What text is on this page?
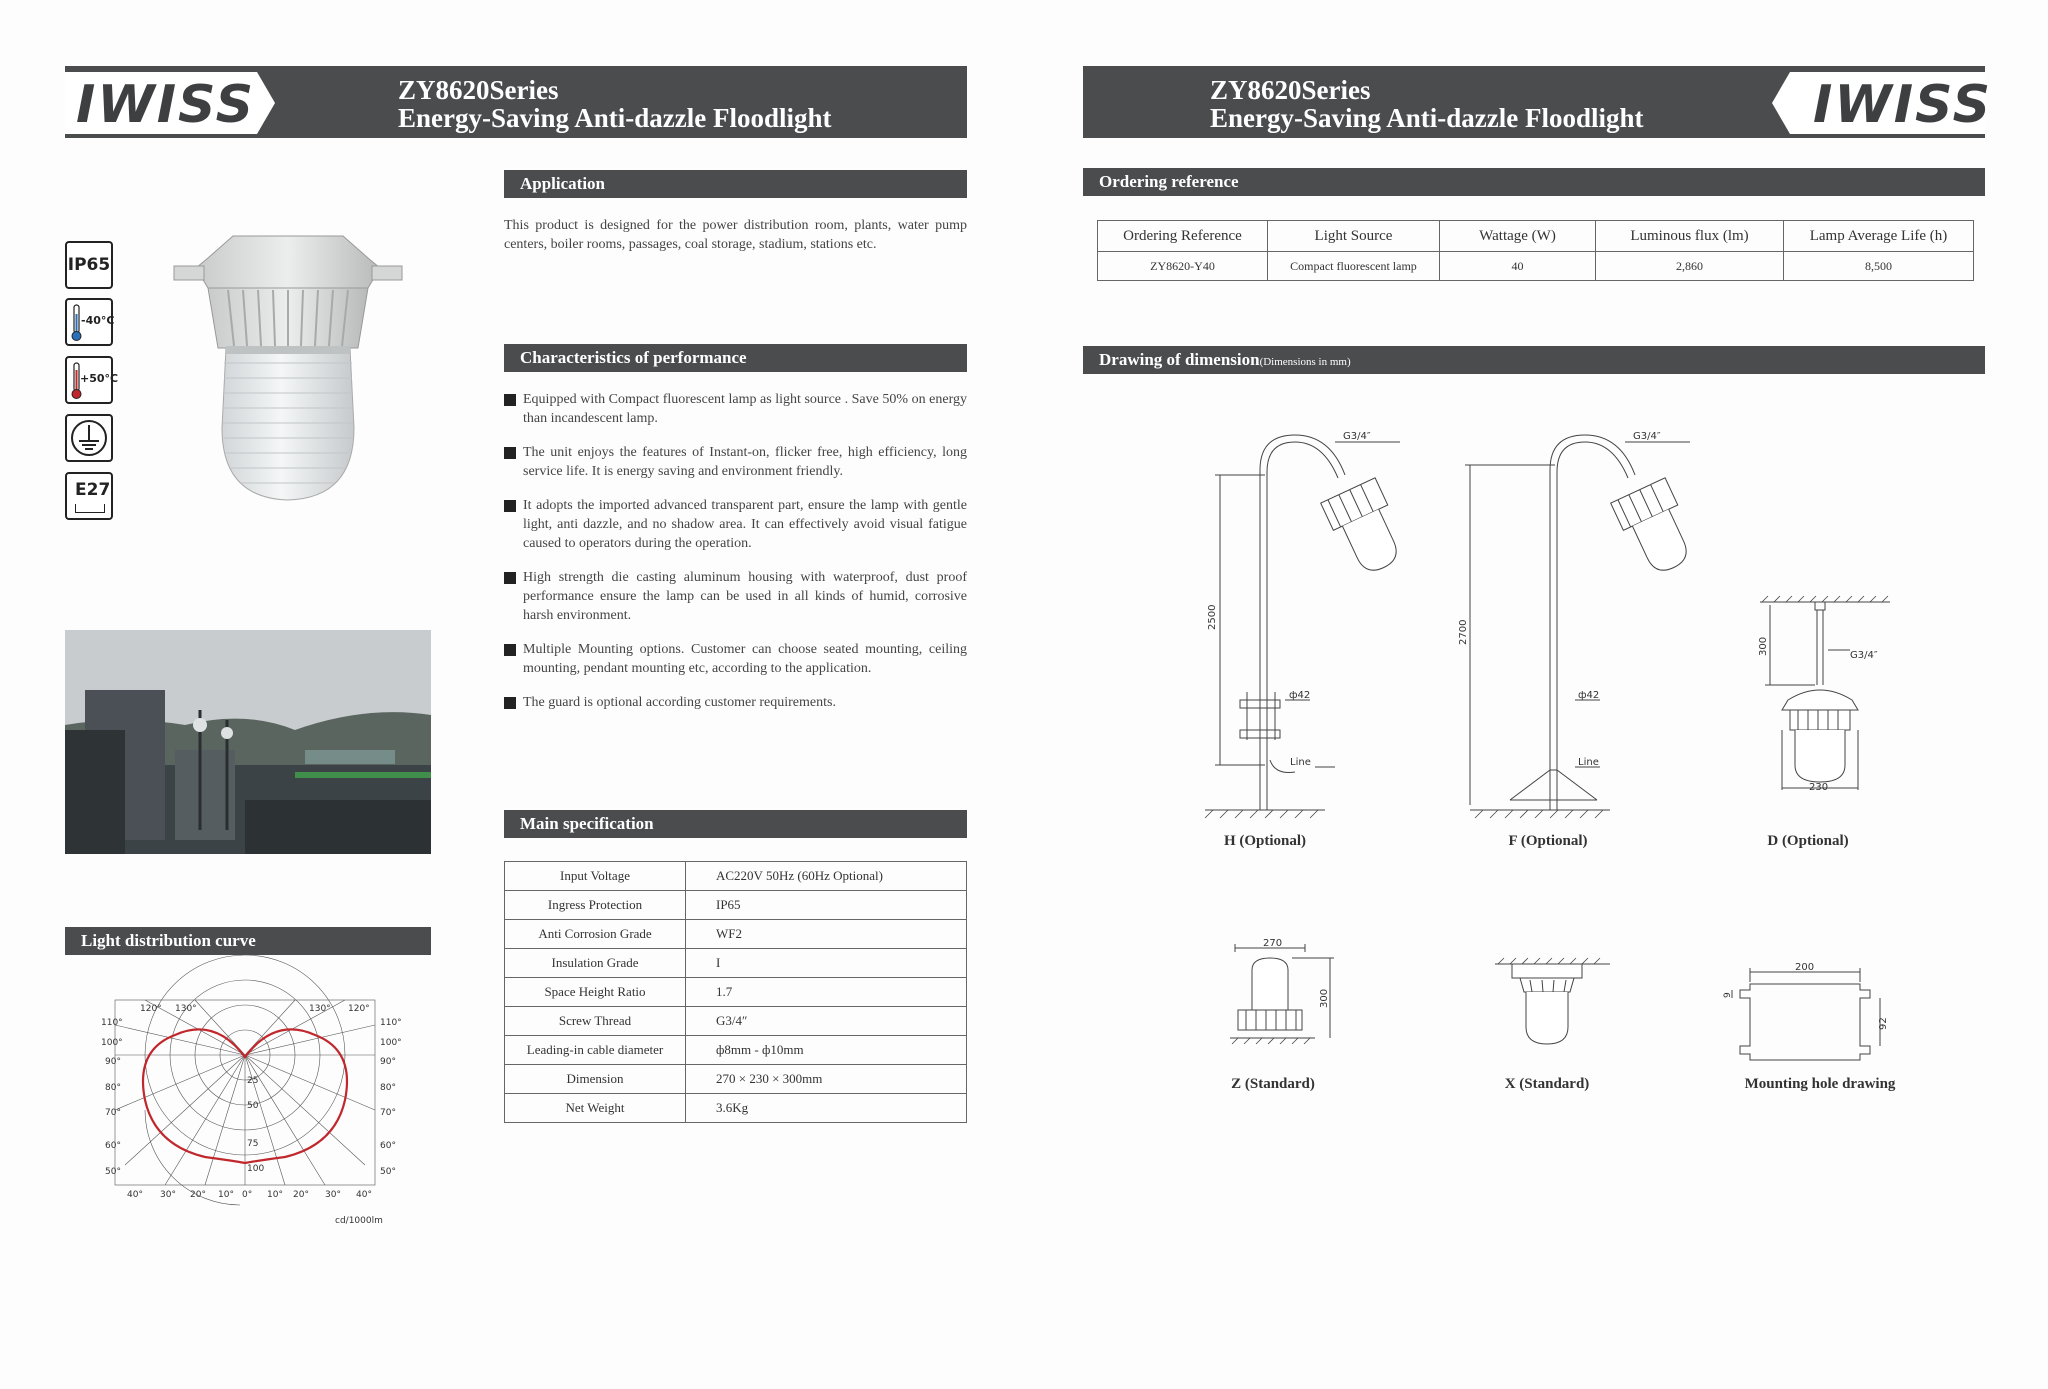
ZY8620Series
Energy-Saving Anti-dazzle Floodlight
IWISS	ZY8620Series
Energy-Saving Anti-dazzle Floodlight	IWISS
IP65
-40°C
+50°C
E27
Light distribution curve
120° 130°	130° 120°
110°	110°
100°	100°
90°	90°
80°	80°
70°	70°
60°	60°
50°	50°
25
50
75
100
40° 30° 20° 10° 0° 10° 20° 30° 40°
cd/1000lm
Application
This product is designed for the power distribution room, plants, water pump centers, boiler rooms, passages, coal storage, stadium, stations etc.
Characteristics of performance
Equipped with Compact fluorescent lamp as light source . Save 50% on energy than incandescent lamp.
The unit enjoys the features of Instant-on, flicker free, high efficiency, long service life. It is energy saving and environment friendly.
It adopts the imported advanced transparent part, ensure the lamp with gentle light, anti dazzle, and no shadow area. It can effectively avoid visual fatigue caused to operators during the operation.
High strength die casting aluminum housing with waterproof, dust proof performance ensure the lamp can be used in all kinds of humid, corrosive harsh environment.
Multiple Mounting options. Customer can choose seated mounting, ceiling mounting, pendant mounting etc, according to the application.
The guard is optional according customer requirements.
Main specification
Input Voltage	AC220V 50Hz (60Hz Optional)
Ingress Protection	IP65
Anti Corrosion Grade	WF2
Insulation Grade	I
Space Height Ratio	1.7
Screw Thread	G3/4″
Leading-in cable diameter	ф8mm - ф10mm
Dimension	270 × 230 × 300mm
Net Weight	3.6Kg
Ordering reference
Ordering Reference	Light Source	Wattage (W)	Luminous flux (lm)	Lamp Average Life (h)
ZY8620-Y40	Compact fluorescent lamp	40	2,860	8,500
Drawing of dimension(Dimensions in mm)
G3/4″
ф42
Line
2500
H (Optional)
G3/4″
ф42
Line
2700
F (Optional)
G3/4″
300
230
D (Optional)
270
300
Z (Standard)	X (Standard)
200
92
9
Mounting hole drawing
